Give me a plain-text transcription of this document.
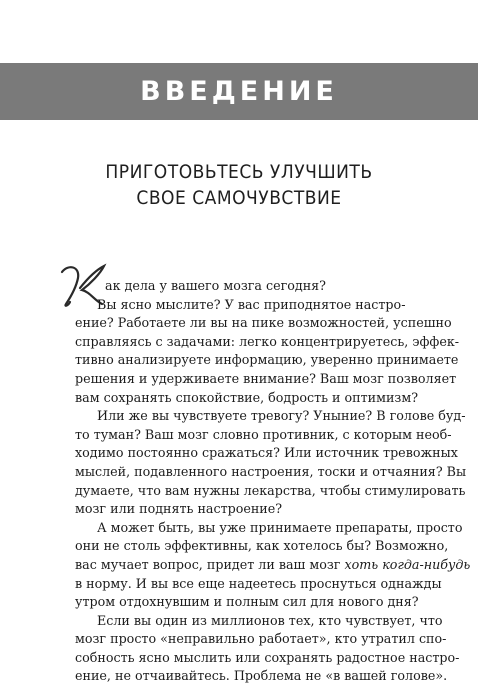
ВВЕДЕНИЕ
ПРИГОТОВЬТЕСЬ УЛУЧШИТЬ
СВОЕ САМОЧУВСТВИЕ
ак дела у вашего мозга сегодня?
Вы ясно мыслите? У вас приподнятое настро-
ение? Работаете ли вы на пике возможностей, успешно
справляясь с задачами: легко концентрируетесь, эффек-
тивно анализируете информацию, уверенно принимаете
решения и удерживаете внимание? Ваш мозг позволяет
вам сохранять спокойствие, бодрость и оптимизм?
Или же вы чувствуете тревогу? Уныние? В голове буд-
то туман? Ваш мозг словно противник, с которым необ-
ходимо постоянно сражаться? Или источник тревожных
мыслей, подавленного настроения, тоски и отчаяния? Вы
думаете, что вам нужны лекарства, чтобы стимулировать
мозг или поднять настроение?
А может быть, вы уже принимаете препараты, просто
они не столь эффективны, как хотелось бы? Возможно,
вас мучает вопрос, придет ли ваш мозг хоть когда-нибудь
в норму. И вы все еще надеетесь проснуться однажды
утром отдохнувшим и полным сил для нового дня?
Если вы один из миллионов тех, кто чувствует, что
мозг просто «неправильно работает», кто утратил спо-
собность ясно мыслить или сохранять радостное настро-
ение, не отчаивайтесь. Проблема не «в вашей голове».
